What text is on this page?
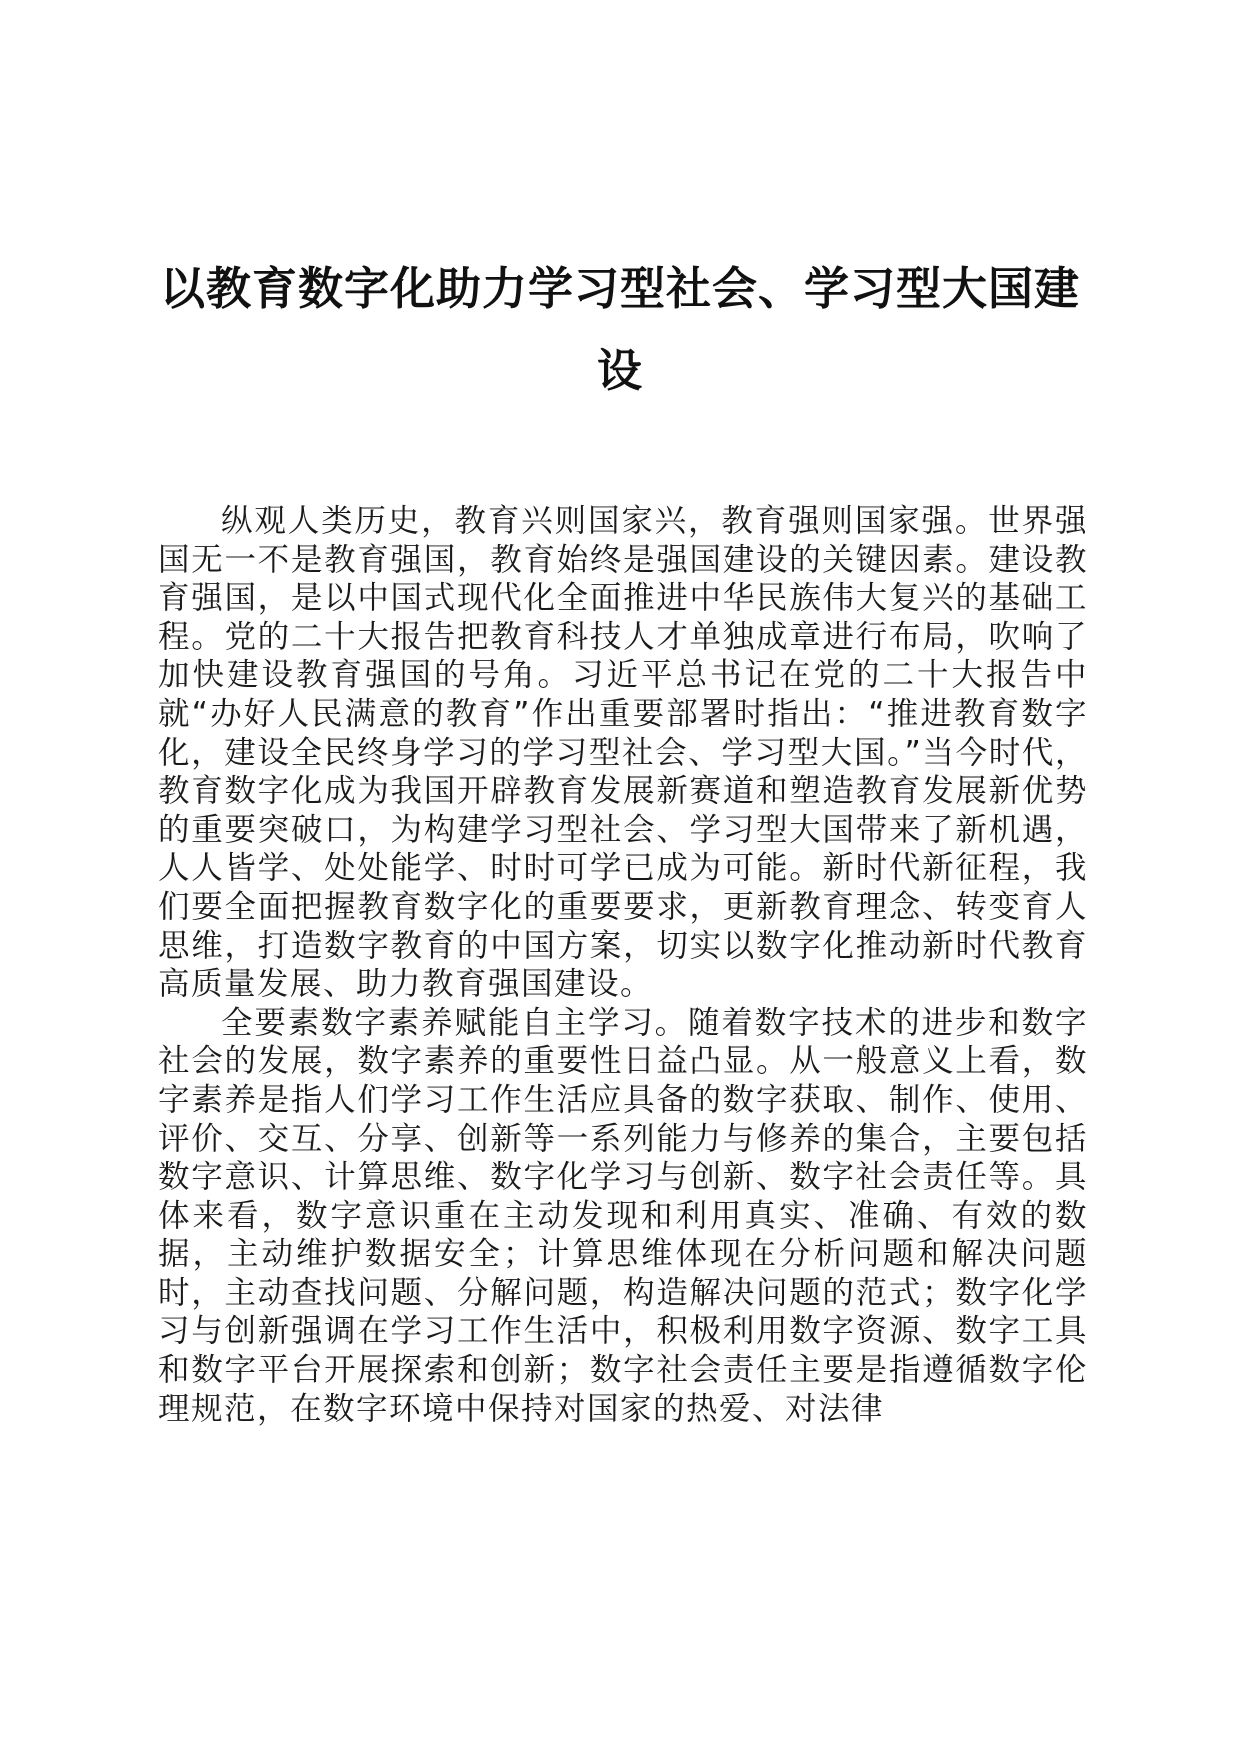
以教育数字化助力学习型社会、学习型大国建设

纵观人类历史，教育兴则国家兴，教育强则国家强。世界强国无一不是教育强国，教育始终是强国建设的关键因素。建设教育强国，是以中国式现代化全面推进中华民族伟大复兴的基础工程。党的二十大报告把教育科技人才单独成章进行布局，吹响了加快建设教育强国的号角。习近平总书记在党的二十大报告中就“办好人民满意的教育”作出重要部署时指出：“推进教育数字化，建设全民终身学习的学习型社会、学习型大国。”当今时代，教育数字化成为我国开辟教育发展新赛道和塑造教育发展新优势的重要突破口，为构建学习型社会、学习型大国带来了新机遇，人人皆学、处处能学、时时可学已成为可能。新时代新征程，我们要全面把握教育数字化的重要要求，更新教育理念、转变育人思维，打造数字教育的中国方案，切实以数字化推动新时代教育高质量发展、助力教育强国建设。

全要素数字素养赋能自主学习。随着数字技术的进步和数字社会的发展，数字素养的重要性日益凸显。从一般意义上看，数字素养是指人们学习工作生活应具备的数字获取、制作、使用、评价、交互、分享、创新等一系列能力与修养的集合，主要包括数字意识、计算思维、数字化学习与创新、数字社会责任等。具体来看，数字意识重在主动发现和利用真实、准确、有效的数据，主动维护数据安全；计算思维体现在分析问题和解决问题时，主动查找问题、分解问题，构造解决问题的范式；数字化学习与创新强调在学习工作生活中，积极利用数字资源、数字工具和数字平台开展探索和创新；数字社会责任主要是指遵循数字伦理规范，在数字环境中保持对国家的热爱、对法律
